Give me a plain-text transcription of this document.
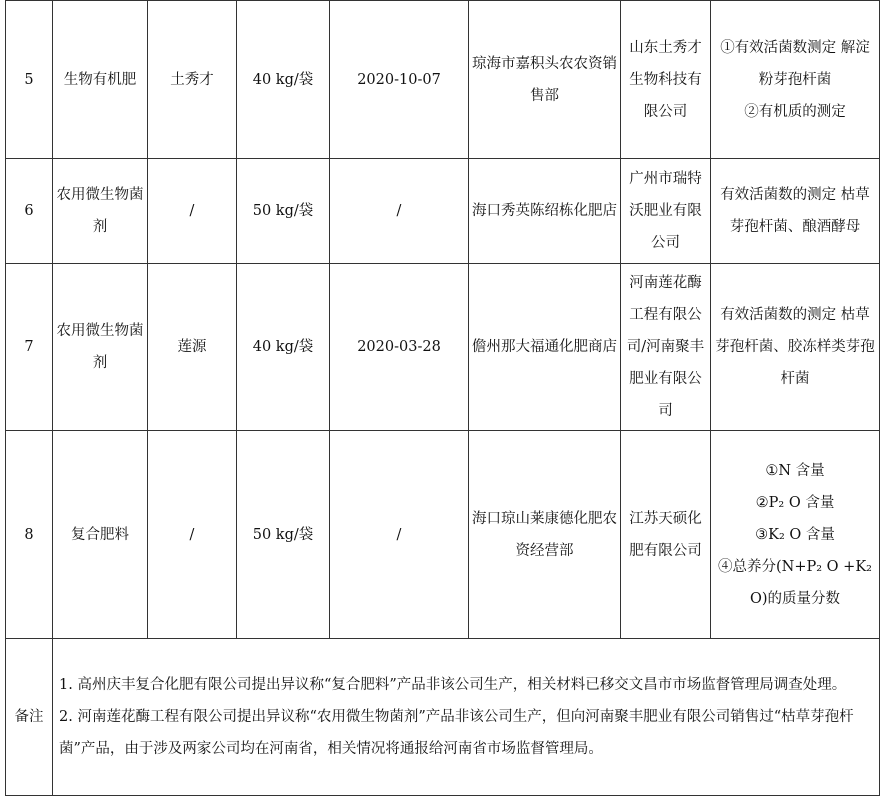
5	生物有机肥	土秀才	40 kg/袋	2020-10-07	琼海市嘉积头农农资销售部	山东土秀才生物科技有限公司	①有效活菌数测定 解淀粉芽孢杆菌
②有机质的测定

6	农用微生物菌剂	/	50 kg/袋	/	海口秀英陈绍栋化肥店	广州市瑞特沃肥业有限公司	有效活菌数的测定 枯草芽孢杆菌、酿酒酵母

7	农用微生物菌剂	莲源	40 kg/袋	2020-03-28	儋州那大福通化肥商店	河南莲花酶工程有限公司/河南聚丰肥业有限公司	有效活菌数的测定 枯草芽孢杆菌、胶冻样类芽孢杆菌

8	复合肥料	/	50 kg/袋	/	海口琼山莱康德化肥农资经营部	江苏天硕化肥有限公司	①N 含量
②P₂ O 含量
③K₂ O 含量
④总养分(N+P₂ O +K₂ O)的质量分数

备注	1. 高州庆丰复合化肥有限公司提出异议称“复合肥料”产品非该公司生产，相关材料已移交文昌市市场监督管理局调查处理。
2. 河南莲花酶工程有限公司提出异议称“农用微生物菌剂”产品非该公司生产，但向河南聚丰肥业有限公司销售过“枯草芽孢杆菌”产品，由于涉及两家公司均在河南省，相关情况将通报给河南省市场监督管理局。						
